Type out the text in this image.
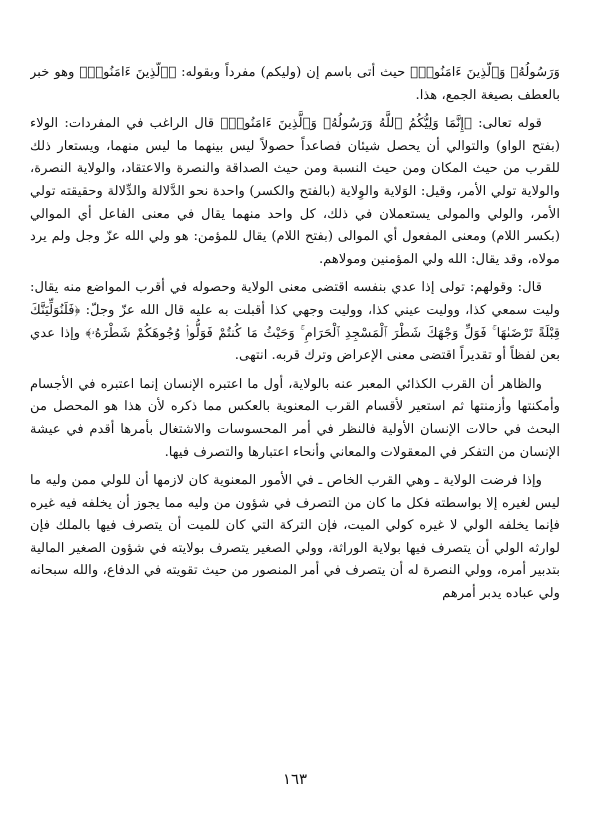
وَرَسُولُهُۥ وَٱلَّذِينَ ءَامَنُوا۟﴾ حيث أتى باسم إن (وليكم) مفرداً وبقوله: ﴿ٱلَّذِينَ ءَامَنُوا۟﴾ وهو خبر بالعطف بصيغة الجمع، هذا.

قوله تعالى: ﴿إِنَّمَا وَلِيُّكُمُ ٱللَّهُ وَرَسُولُهُۥ وَٱلَّذِينَ ءَامَنُوا۟﴾ قال الراغب في المفردات: الولاء (بفتح الواو) والتوالي أن يحصل شيئان فصاعداً حصولاً ليس بينهما ما ليس منهما، ويستعار ذلك للقرب من حيث المكان ومن حيث النسبة ومن حيث الصداقة والنصرة والاعتقاد، والولاية النصرة، والولاية تولي الأمر، وقيل: الوَلاية والوِلاية (بالفتح والكسر) واحدة نحو الدَّلالة والدِّلالة وحقيقته تولي الأمر، والولي والمولى يستعملان في ذلك، كل واحد منهما يقال في معنى الفاعل أي الموالي (بكسر اللام) ومعنى المفعول أي الموالى (بفتح اللام) يقال للمؤمن: هو ولي الله عزّ وجل ولم يرد مولاه، وقد يقال: الله ولي المؤمنين ومولاهم.

قال: وقولهم: تولى إذا عدي بنفسه اقتضى معنى الولاية وحصوله في أقرب المواضع منه يقال: وليت سمعي كذا، ووليت عيني كذا، ووليت وجهي كذا أقبلت به عليه قال الله عزّ وجلّ: ﴿فَلَنُوَلِّيَنَّكَ قِبْلَةً تَرْضَىٰهَا ۚ فَوَلِّ وَجْهَكَ شَطْرَ ٱلْمَسْجِدِ ٱلْحَرَامِ ۚ وَحَيْثُ مَا كُنتُمْ فَوَلُّوا۟ وُجُوهَكُمْ شَطْرَهُۥ﴾ وإذا عدي بعن لفظاً أو تقديراً اقتضى معنى الإعراض وترك قربه. انتهى.

والظاهر أن القرب الكذائي المعبر عنه بالولاية، أول ما اعتبره الإنسان إنما اعتبره في الأجسام وأمكنتها وأزمنتها ثم استعير لأقسام القرب المعنوية بالعكس مما ذكره لأن هذا هو المحصل من البحث في حالات الإنسان الأولية فالنظر في أمر المحسوسات والاشتغال بأمرها أقدم في عيشة الإنسان من التفكر في المعقولات والمعاني وأنحاء اعتبارها والتصرف فيها.

وإذا فرضت الولاية ـ وهي القرب الخاص ـ في الأمور المعنوية كان لازمها أن للولي ممن وليه ما ليس لغيره إلا بواسطته فكل ما كان من التصرف في شؤون من وليه مما يجوز أن يخلفه فيه غيره فإنما يخلفه الولي لا غيره كولي الميت، فإن التركة التي كان للميت أن يتصرف فيها بالملك فإن لوارثه الولي أن يتصرف فيها بولاية الوراثة، وولي الصغير يتصرف بولايته في شؤون الصغير المالية بتدبير أمره، وولي النصرة له أن يتصرف في أمر المنصور من حيث تقويته في الدفاع، والله سبحانه ولي عباده يدبر أمرهم

١٦٣
